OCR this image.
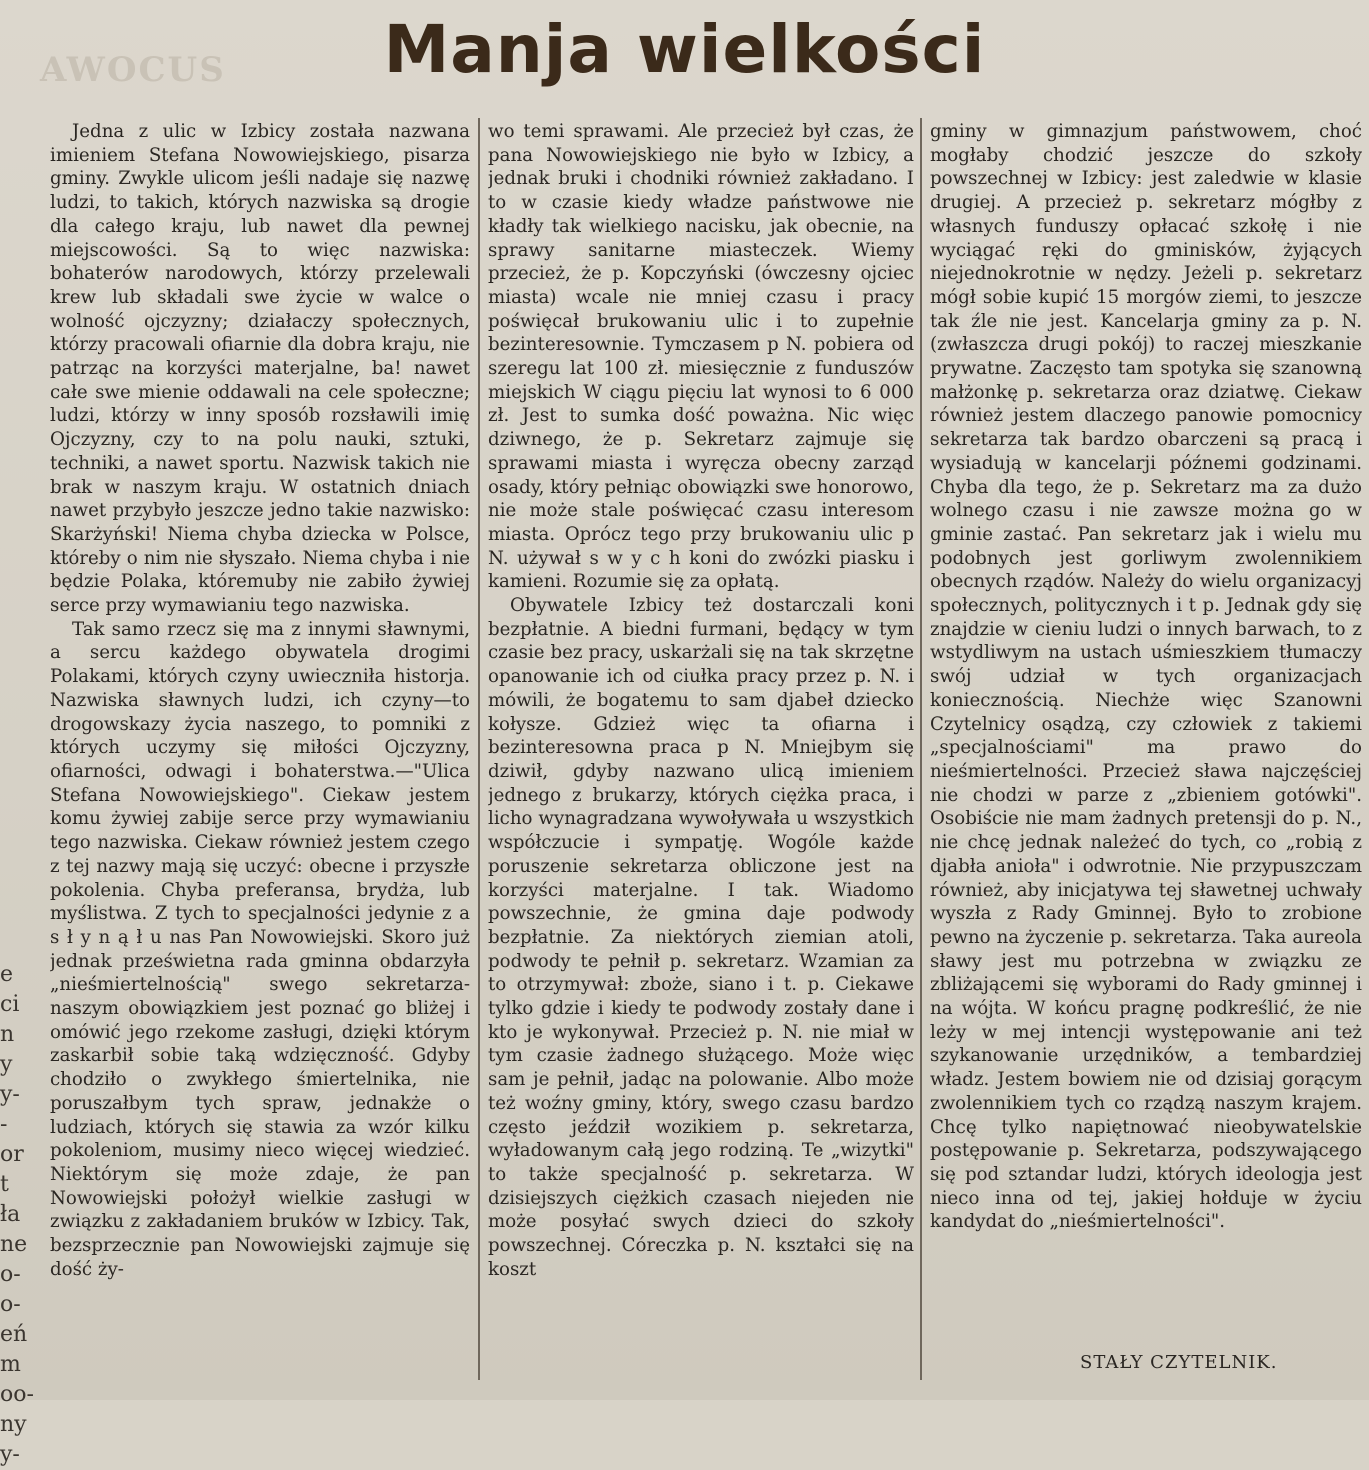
AWOCUS	Manja wielkości
e
ci
n
y
y-
-
or
t
ła
ne
o-
o-
eń
m
oo-
ny
y-

Jedna z ulic w Izbicy została nazwana imieniem Stefana Nowowiejskiego, pisarza gminy. Zwykle ulicom jeśli nadaje się nazwę ludzi, to takich, których nazwiska są drogie dla całego kraju, lub nawet dla pewnej miejscowości. Są to więc nazwiska: bohaterów narodowych, którzy przelewali krew lub składali swe życie w walce o wolność ojczyzny; działaczy społecznych, którzy pracowali ofiarnie dla dobra kraju, nie patrząc na korzyści materjalne, ba! nawet całe swe mienie oddawali na cele społeczne; ludzi, którzy w inny sposób rozsławili imię Ojczyzny, czy to na polu nauki, sztuki, techniki, a nawet sportu. Nazwisk takich nie brak w naszym kraju. W ostatnich dniach nawet przybyło jeszcze jedno takie nazwisko: Skarżyński! Niema chyba dziecka w Polsce, któreby o nim nie słyszało. Niema chyba i nie będzie Polaka, któremuby nie zabiło żywiej serce przy wymawianiu tego nazwiska.

Tak samo rzecz się ma z innymi sławnymi, a sercu każdego obywatela drogimi Polakami, których czyny uwieczniła historja. Nazwiska sławnych ludzi, ich czyny—to drogowskazy życia naszego, to pomniki z których uczymy się miłości Ojczyzny, ofiarności, odwagi i bohaterstwa.—"Ulica Stefana Nowowiejskiego". Ciekaw jestem komu żywiej zabije serce przy wymawianiu tego nazwiska. Ciekaw również jestem czego z tej nazwy mają się uczyć: obecne i przyszłe pokolenia. Chyba preferansa, brydża, lub myślistwa. Z tych to specjalności jedynie z a s ł y n ą ł u nas Pan Nowowiejski. Skoro już jednak prześwietna rada gminna obdarzyła „nieśmiertelnością" swego sekretarza-naszym obowiązkiem jest poznać go bliżej i omówić jego rzekome zasługi, dzięki którym zaskarbił sobie taką wdzięczność. Gdyby chodziło o zwykłego śmiertelnika, nie poruszałbym tych spraw, jednakże o ludziach, których się stawia za wzór kilku pokoleniom, musimy nieco więcej wiedzieć. Niektórym się może zdaje, że pan Nowowiejski położył wielkie zasługi w związku z zakładaniem bruków w Izbicy. Tak, bezsprzecznie pan Nowowiejski zajmuje się dość ży-

wo temi sprawami. Ale przecież był czas, że pana Nowowiejskiego nie było w Izbicy, a jednak bruki i chodniki również zakładano. I to w czasie kiedy władze państwowe nie kładły tak wielkiego nacisku, jak obecnie, na sprawy sanitarne miasteczek. Wiemy przecież, że p. Kopczyński (ówczesny ojciec miasta) wcale nie mniej czasu i pracy poświęcał brukowaniu ulic i to zupełnie bezinteresownie. Tymczasem p N. pobiera od szeregu lat 100 zł. miesięcznie z funduszów miejskich W ciągu pięciu lat wynosi to 6 000 zł. Jest to sumka dość poważna. Nic więc dziwnego, że p. Sekretarz zajmuje się sprawami miasta i wyręcza obecny zarząd osady, który pełniąc obowiązki swe honorowo, nie może stale poświęcać czasu interesom miasta. Oprócz tego przy brukowaniu ulic p N. używał s w y c h koni do zwózki piasku i kamieni. Rozumie się za opłatą.

Obywatele Izbicy też dostarczali koni bezpłatnie. A biedni furmani, będący w tym czasie bez pracy, uskarżali się na tak skrzętne opanowanie ich od ciułka pracy przez p. N. i mówili, że bogatemu to sam djabeł dziecko kołysze. Gdzież więc ta ofiarna i bezinteresowna praca p N. Mniejbym się dziwił, gdyby nazwano ulicą imieniem jednego z brukarzy, których ciężka praca, i licho wynagradzana wywoływała u wszystkich współczucie i sympatję. Wogóle każde poruszenie sekretarza obliczone jest na korzyści materjalne. I tak. Wiadomo powszechnie, że gmina daje podwody bezpłatnie. Za niektórych ziemian atoli, podwody te pełnił p. sekretarz. Wzamian za to otrzymywał: zboże, siano i t. p. Ciekawe tylko gdzie i kiedy te podwody zostały dane i kto je wykonywał. Przecież p. N. nie miał w tym czasie żadnego służącego. Może więc sam je pełnił, jadąc na polowanie. Albo może też woźny gminy, który, swego czasu bardzo często jeździł wozikiem p. sekretarza, wyładowanym całą jego rodziną. Te „wizytki" to także specjalność p. sekretarza. W dzisiejszych ciężkich czasach niejeden nie może posyłać swych dzieci do szkoły powszechnej. Córeczka p. N. kształci się na koszt

gminy w gimnazjum państwowem, choć mogłaby chodzić jeszcze do szkoły powszechnej w Izbicy: jest zaledwie w klasie drugiej. A przecież p. sekretarz mógłby z własnych funduszy opłacać szkołę i nie wyciągać ręki do gminisków, żyjących niejednokrotnie w nędzy. Jeżeli p. sekretarz mógł sobie kupić 15 morgów ziemi, to jeszcze tak źle nie jest. Kancelarja gminy za p. N. (zwłaszcza drugi pokój) to raczej mieszkanie prywatne. Zaczęsto tam spotyka się szanowną małżonkę p. sekretarza oraz dziatwę. Ciekaw również jestem dlaczego panowie pomocnicy sekretarza tak bardzo obarczeni są pracą i wysiadują w kancelarji późnemi godzinami. Chyba dla tego, że p. Sekretarz ma za dużo wolnego czasu i nie zawsze można go w gminie zastać. Pan sekretarz jak i wielu mu podobnych jest gorliwym zwolennikiem obecnych rządów. Należy do wielu organizacyj społecznych, politycznych i t p. Jednak gdy się znajdzie w cieniu ludzi o innych barwach, to z wstydliwym na ustach uśmieszkiem tłumaczy swój udział w tych organizacjach koniecznością. Niechże więc Szanowni Czytelnicy osądzą, czy człowiek z takiemi „specjalnościami" ma prawo do nieśmiertelności. Przecież sława najczęściej nie chodzi w parze z „zbieniem gotówki". Osobiście nie mam żadnych pretensji do p. N., nie chcę jednak należeć do tych, co „robią z djabła anioła" i odwrotnie. Nie przypuszczam również, aby inicjatywa tej sławetnej uchwały wyszła z Rady Gminnej. Było to zrobione pewno na życzenie p. sekretarza. Taka aureola sławy jest mu potrzebna w związku ze zbliżającemi się wyborami do Rady gminnej i na wójta. W końcu pragnę podkreślić, że nie leży w mej intencji występowanie ani też szykanowanie urzędników, a tembardziej władz. Jestem bowiem nie od dzisiaj gorącym zwolennikiem tych co rządzą naszym krajem. Chcę tylko napiętnować nieobywatelskie postępowanie p. Sekretarza, podszywającego się pod sztandar ludzi, których ideologja jest nieco inna od tej, jakiej hołduje w życiu kandydat do „nieśmiertelności".

STAŁY CZYTELNIK.
